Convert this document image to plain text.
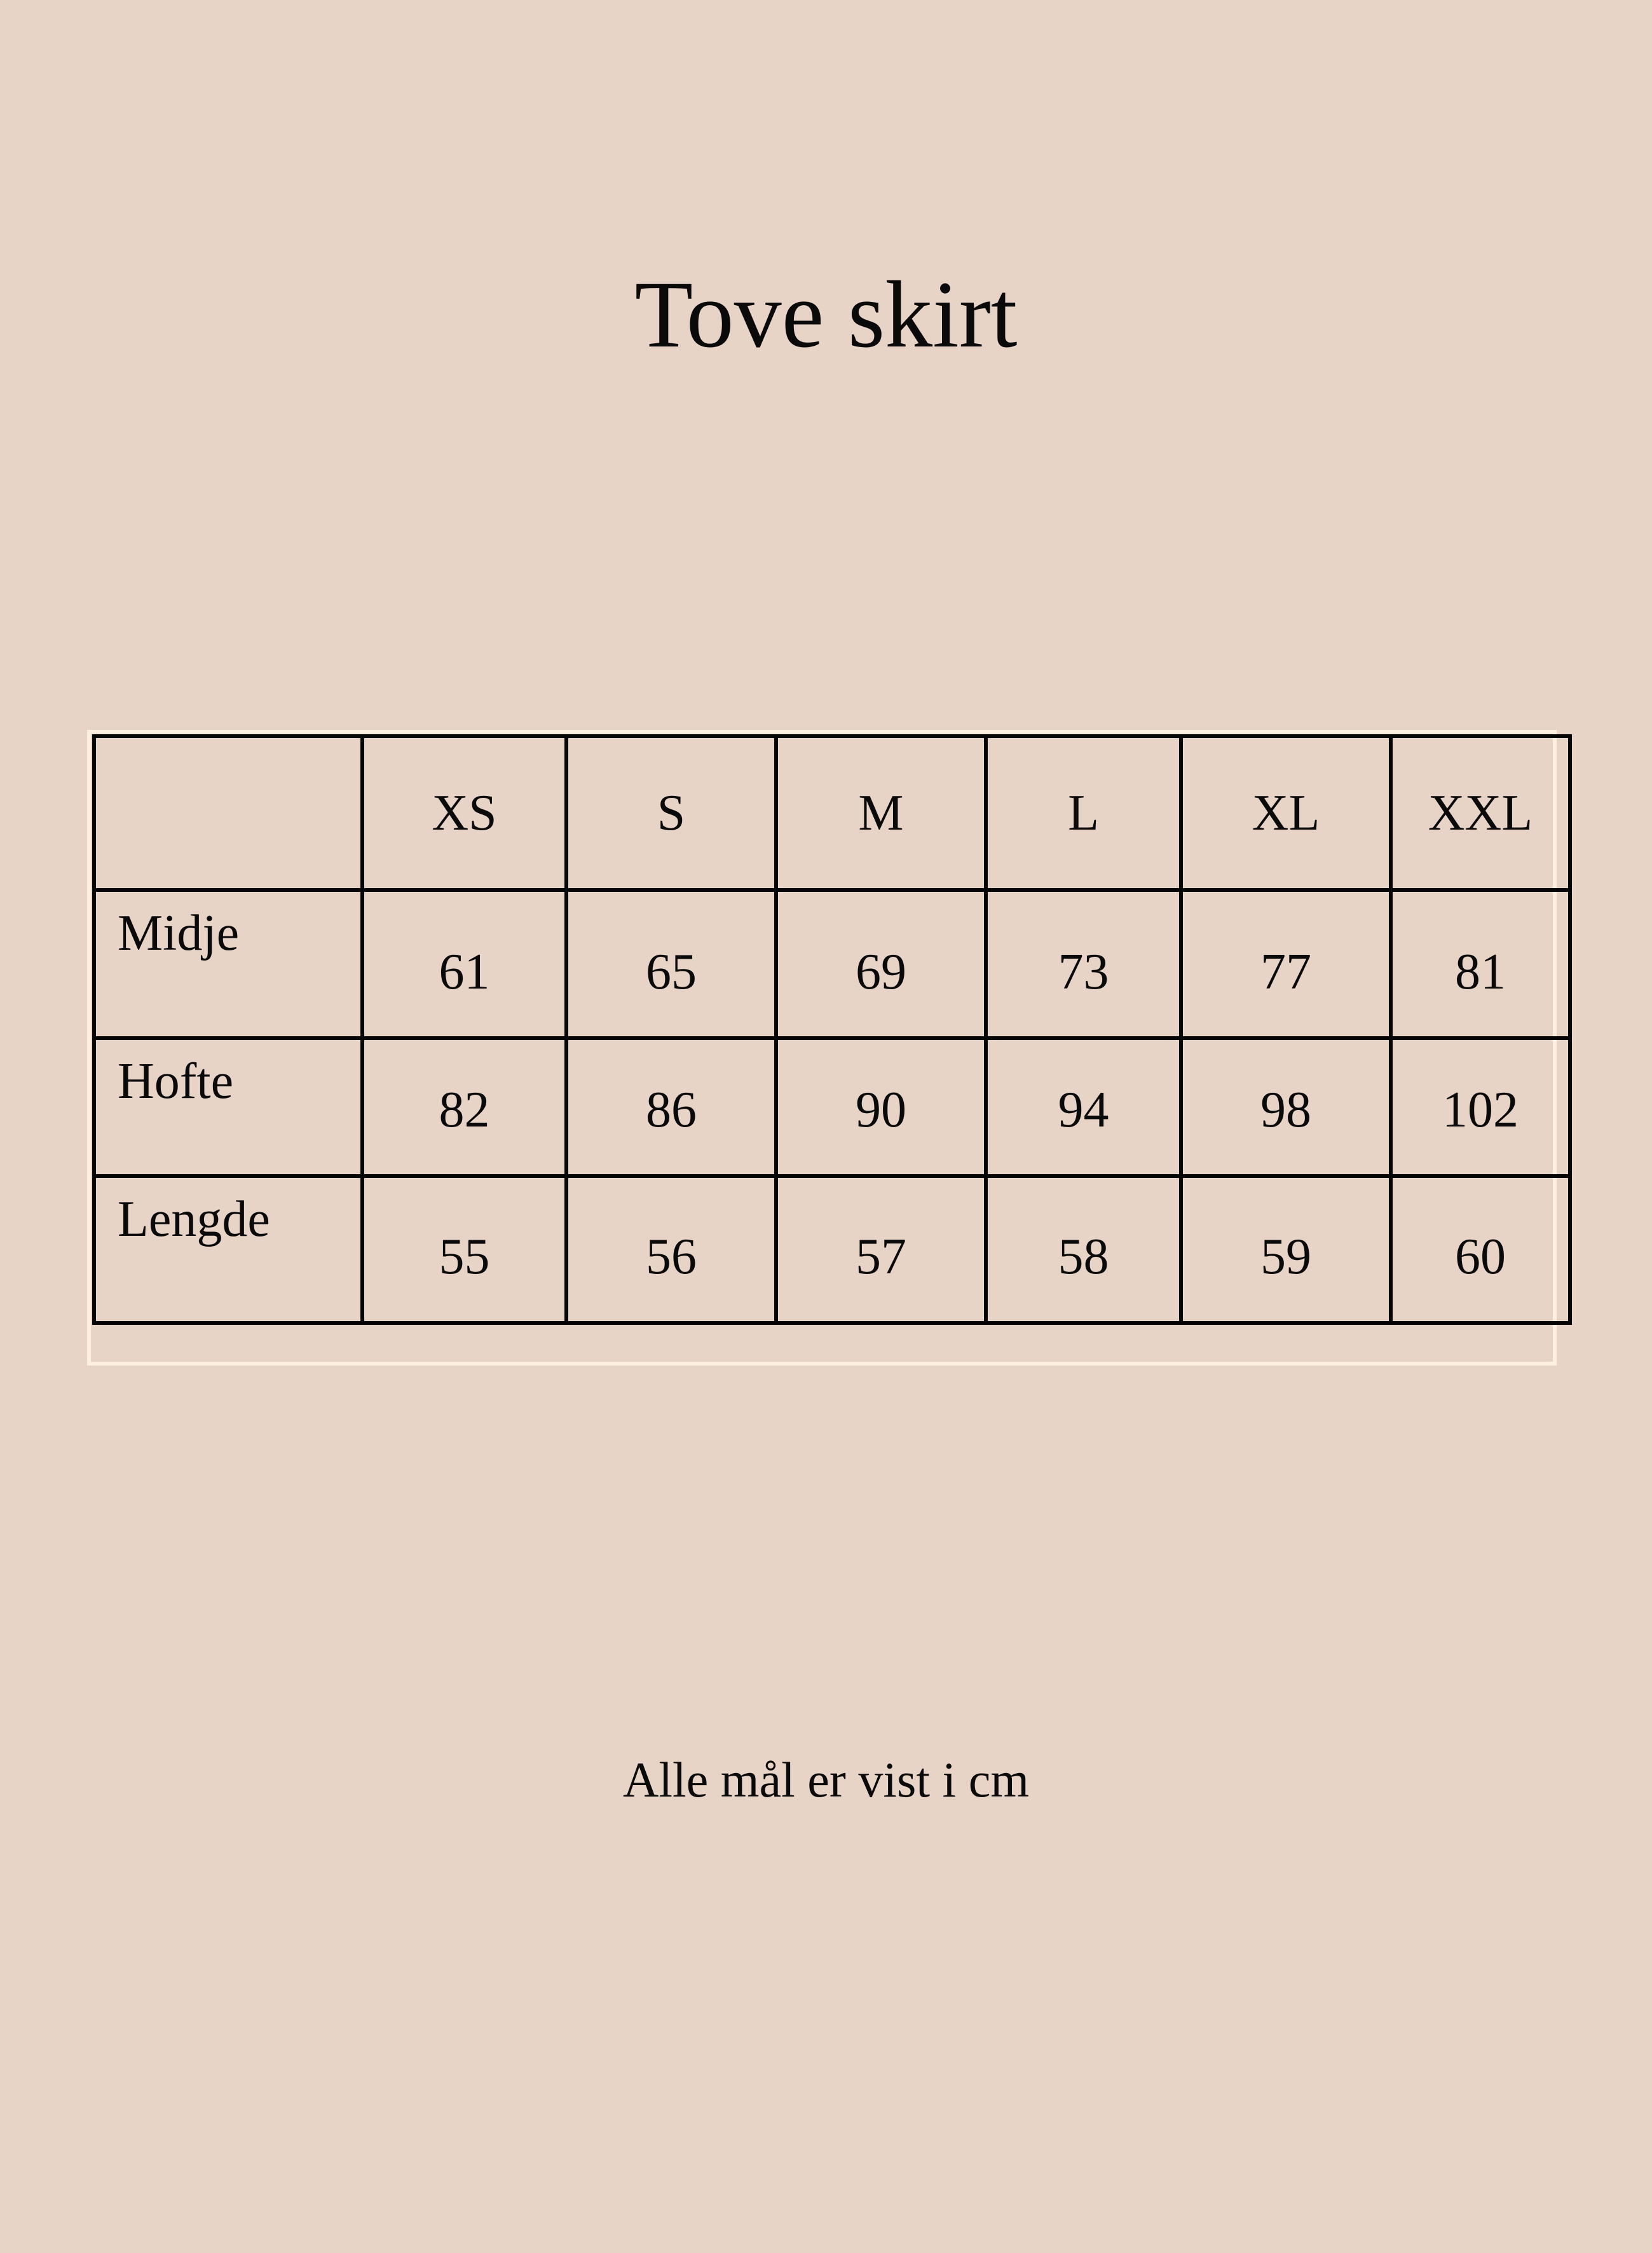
Tove skirt
	XS	S	M	L	XL	XXL
Midje	61	65	69	73	77	81
Hofte	82	86	90	94	98	102
Lengde	55	56	57	58	59	60
Alle mål er vist i cm
